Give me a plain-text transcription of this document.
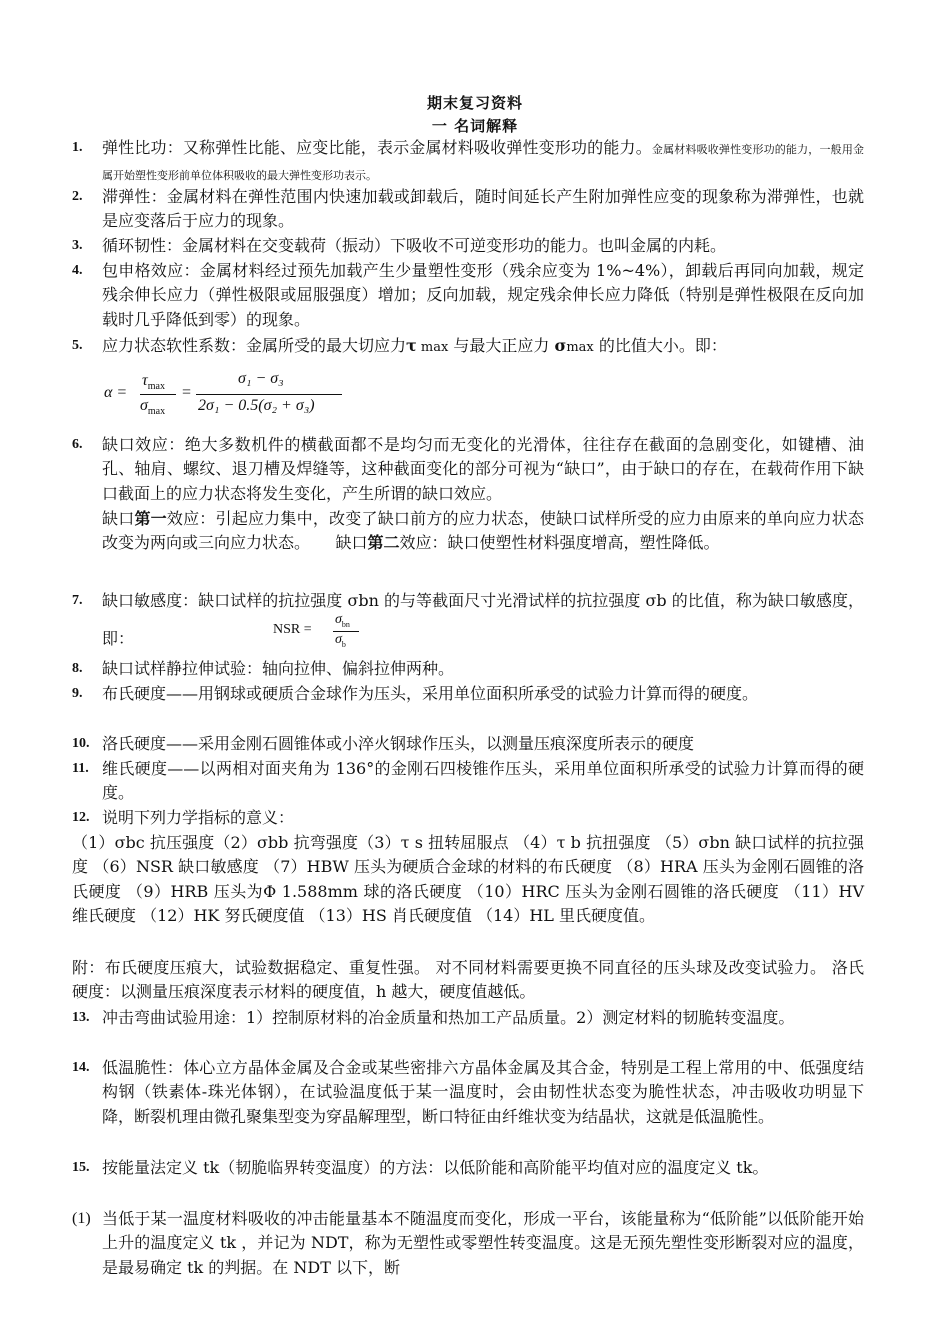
期末复习资料
一 名词解释
1.	弹性比功：又称弹性比能、应变比能，表示金属材料吸收弹性变形功的能力。金属材料吸收弹性变形功的能力，一般用金属开始塑性变形前单位体积吸收的最大弹性变形功表示。
2.	滞弹性：金属材料在弹性范围内快速加载或卸载后，随时间延长产生附加弹性应变的现象称为滞弹性，也就是应变落后于应力的现象。
3.	循环韧性：金属材料在交变载荷（振动）下吸收不可逆变形功的能力。也叫金属的内耗。
4.	包申格效应：金属材料经过预先加载产生少量塑性变形（残余应变为 1%~4%），卸载后再同向加载，规定残余伸长应力（弹性极限或屈服强度）增加；反向加载，规定残余伸长应力降低（特别是弹性极限在反向加载时几乎降低到零）的现象。
5.	应力状态软性系数：金属所受的最大切应力τ max 与最大正应力 σmax 的比值大小。即：
α =
$\tau_{max}$
$\sigma_{max}$
=
σ₁ − σ₃
2σ₁ − 0.5(σ₂ + σ₃)
6.	缺口效应：绝大多数机件的横截面都不是均匀而无变化的光滑体，往往存在截面的急剧变化，如键槽、油孔、轴肩、螺纹、退刀槽及焊缝等，这种截面变化的部分可视为“缺口”，由于缺口的存在，在载荷作用下缺口截面上的应力状态将发生变化，产生所谓的缺口效应。
缺口第一效应：引起应力集中，改变了缺口前方的应力状态，使缺口试样所受的应力由原来的单向应力状态改变为两向或三向应力状态。 缺口第二效应：缺口使塑性材料强度增高，塑性降低。
7.	缺口敏感度：缺口试样的抗拉强度 σbn 的与等截面尺寸光滑试样的抗拉强度 σb 的比值，称为缺口敏感度，即：	NSR =
$\sigma_{bn}$
$\sigma_b$
8.	缺口试样静拉伸试验：轴向拉伸、偏斜拉伸两种。
9.	布氏硬度——用钢球或硬质合金球作为压头，采用单位面积所承受的试验力计算而得的硬度。
10. 洛氏硬度——采用金刚石圆锥体或小淬火钢球作压头，以测量压痕深度所表示的硬度
11. 维氏硬度——以两相对面夹角为 136°的金刚石四棱锥作压头，采用单位面积所承受的试验力计算而得的硬度。
12. 说明下列力学指标的意义：
（1）σbc 抗压强度（2）σbb 抗弯强度（3）τ s 扭转屈服点 （4）τ b 抗扭强度 （5）σbn 缺口试样的抗拉强度 （6）NSR 缺口敏感度 （7）HBW 压头为硬质合金球的材料的布氏硬度 （8）HRA 压头为金刚石圆锥的洛氏硬度 （9）HRB 压头为Φ 1.588mm 球的洛氏硬度 （10）HRC 压头为金刚石圆锥的洛氏硬度 （11）HV 维氏硬度 （12）HK 努氏硬度值 （13）HS 肖氏硬度值 （14）HL 里氏硬度值。
附：布氏硬度压痕大，试验数据稳定、重复性强。 对不同材料需要更换不同直径的压头球及改变试验力。 洛氏硬度：以测量压痕深度表示材料的硬度值，h 越大，硬度值越低。
13. 冲击弯曲试验用途：1）控制原材料的冶金质量和热加工产品质量。2）测定材料的韧脆转变温度。
14. 低温脆性：体心立方晶体金属及合金或某些密排六方晶体金属及其合金，特别是工程上常用的中、低强度结构钢（铁素体-珠光体钢），在试验温度低于某一温度时，会由韧性状态变为脆性状态，冲击吸收功明显下降，断裂机理由微孔聚集型变为穿晶解理型，断口特征由纤维状变为结晶状，这就是低温脆性。
15. 按能量法定义 tk（韧脆临界转变温度）的方法：以低阶能和高阶能平均值对应的温度定义 tk。
(1) 当低于某一温度材料吸收的冲击能量基本不随温度而变化，形成一平台，该能量称为“低阶能”以低阶能开始上升的温度定义 tk ，并记为 NDT，称为无塑性或零塑性转变温度。这是无预先塑性变形断裂对应的温度，是最易确定 tk 的判据。在 NDT 以下，断
